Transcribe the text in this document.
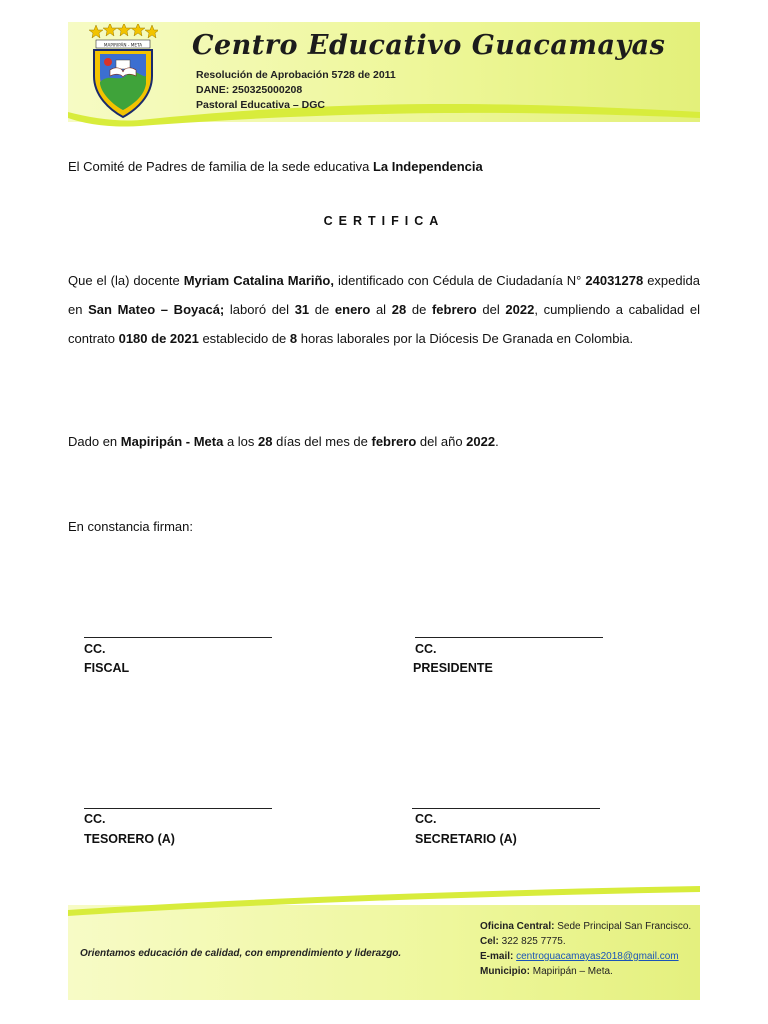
MAPIRIPÁN - META Centro Educativo Guacamayas
Resolución de Aprobación 5728 de 2011
DANE: 250325000208
Pastoral Educativa – DGC
El Comité de Padres de familia de la sede educativa La Independencia
CERTIFICA
Que el (la) docente Myriam Catalina Mariño, identificado con Cédula de Ciudadanía N° 24031278 expedida en San Mateo – Boyacá; laboró del 31 de enero al 28 de febrero del 2022, cumpliendo a cabalidad el contrato 0180 de 2021 establecido de 8 horas laborales por la Diócesis De Granada en Colombia.
Dado en Mapiripán - Meta a los 28 días del mes de febrero del año 2022.
En constancia firman:
CC.
FISCAL
CC.
PRESIDENTE
CC.
TESORERO (A)
CC.
SECRETARIO (A)
Orientamos educación de calidad, con emprendimiento y liderazgo.
Oficina Central: Sede Principal San Francisco.
Cel: 322 825 7775.
E-mail: centroguacamayas2018@gmail.com
Municipio: Mapiripán – Meta.
